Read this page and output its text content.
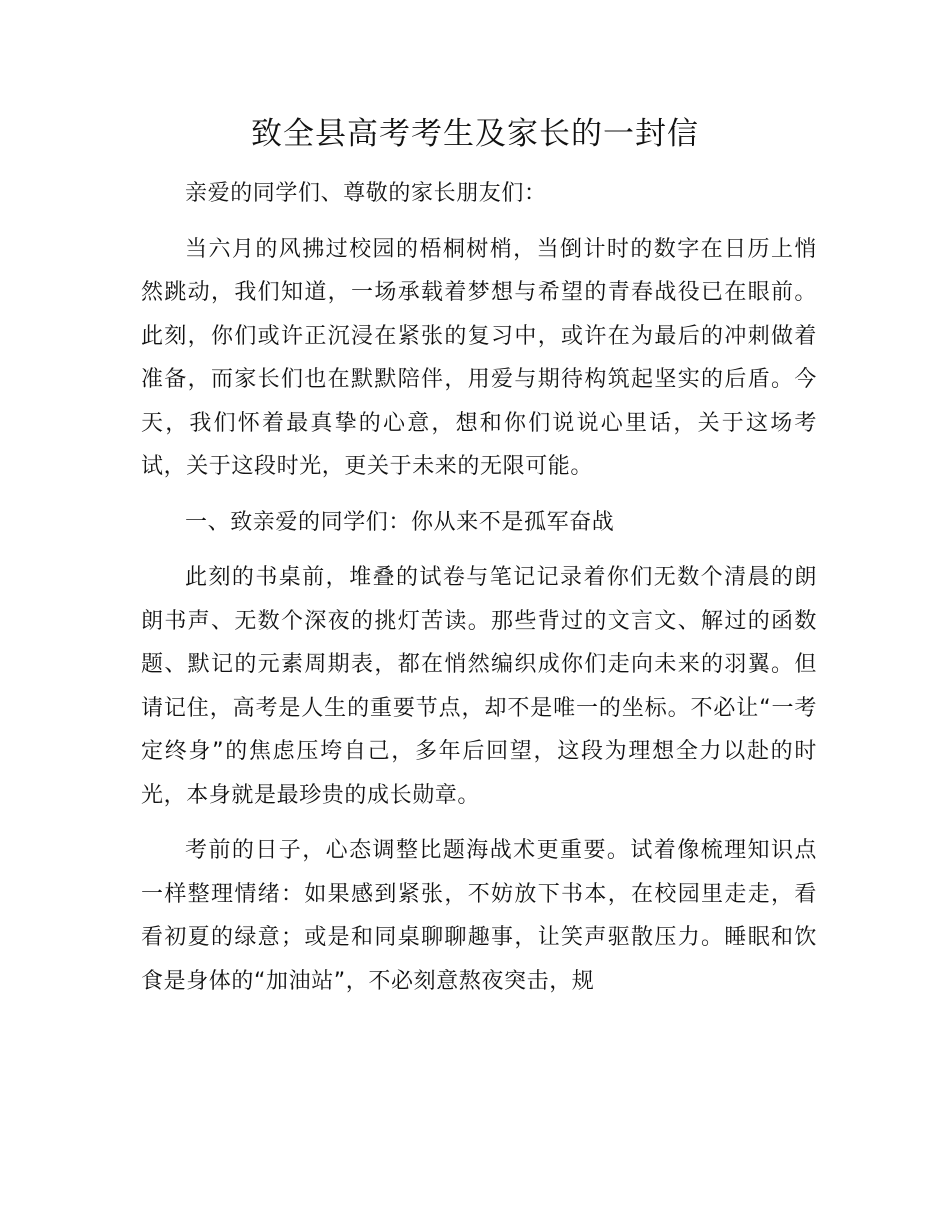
致全县高考考生及家长的一封信

亲爱的同学们、尊敬的家长朋友们：

当六月的风拂过校园的梧桐树梢，当倒计时的数字在日历上悄然跳动，我们知道，一场承载着梦想与希望的青春战役已在眼前。此刻，你们或许正沉浸在紧张的复习中，或许在为最后的冲刺做着准备，而家长们也在默默陪伴，用爱与期待构筑起坚实的后盾。今天，我们怀着最真挚的心意，想和你们说说心里话，关于这场考试，关于这段时光，更关于未来的无限可能。

一、致亲爱的同学们：你从来不是孤军奋战

此刻的书桌前，堆叠的试卷与笔记记录着你们无数个清晨的朗朗书声、无数个深夜的挑灯苦读。那些背过的文言文、解过的函数题、默记的元素周期表，都在悄然编织成你们走向未来的羽翼。但请记住，高考是人生的重要节点，却不是唯一的坐标。不必让“一考定终身”的焦虑压垮自己，多年后回望，这段为理想全力以赴的时光，本身就是最珍贵的成长勋章。

考前的日子，心态调整比题海战术更重要。试着像梳理知识点一样整理情绪：如果感到紧张，不妨放下书本，在校园里走走，看看初夏的绿意；或是和同桌聊聊趣事，让笑声驱散压力。睡眠和饮食是身体的“加油站”，不必刻意熬夜突击，规
